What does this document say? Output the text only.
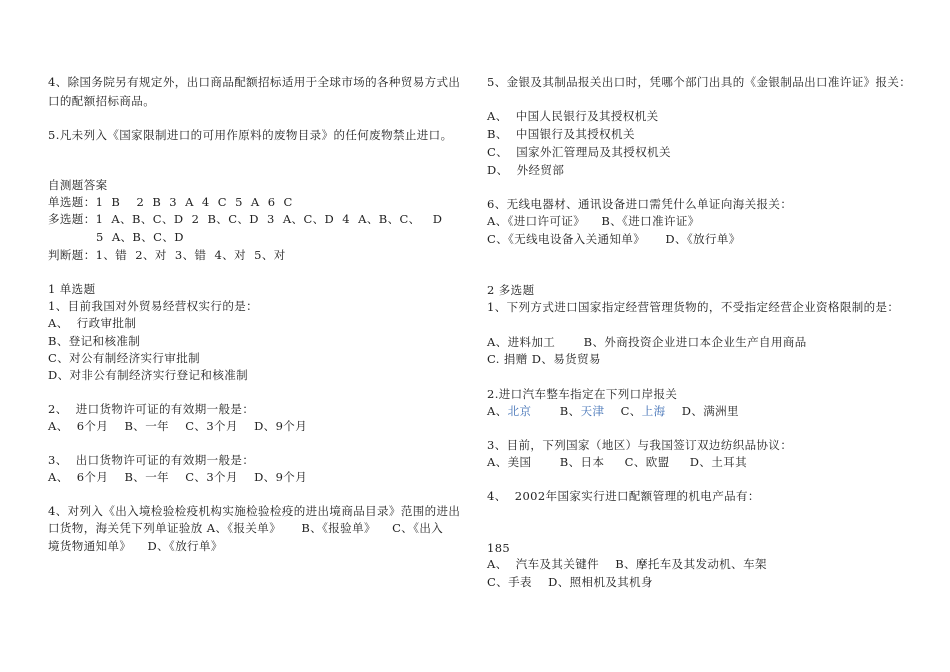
4、除国务院另有规定外，出口商品配额招标适用于全球市场的各种贸易方式出
口的配额招标商品。
5.凡未列入《国家限制进口的可用作原料的废物目录》的任何废物禁止进口。
自测题答案
单选题：1  B    2  B  3  A  4  C  5  A  6  C
多选题：1  A、B、C、D  2  B、C、D  3  A、C、D  4  A、B、C、   D
5  A、B、C、D
判断题：1、错  2、对  3、错  4、对  5、对
1 单选题
1、目前我国对外贸易经营权实行的是：
A、  行政审批制
B、登记和核准制
C、对公有制经济实行审批制
D、对非公有制经济实行登记和核准制
2、  进口货物许可证的有效期一般是：
A、  6个月    B、一年    C、3个月    D、9个月
3、  出口货物许可证的有效期一般是：
A、  6个月    B、一年    C、3个月    D、9个月
4、对列入《出入境检验检疫机构实施检验检疫的进出境商品目录》范围的进出
口货物，海关凭下列单证验放 A、《报关单》     B、《报验单》    C、《出入
境货物通知单》    D、《放行单》
5、金银及其制品报关出口时，凭哪个部门出具的《金银制品出口准许证》报关：
A、  中国人民银行及其授权机关
B、  中国银行及其授权机关
C、  国家外汇管理局及其授权机关
D、  外经贸部
6、无线电器材、通讯设备进口需凭什么单证向海关报关：
A、《进口许可证》    B、《进口准许证》
C、《无线电设备入关通知单》     D、《放行单》
2 多选题
1、下列方式进口国家指定经营管理货物的，不受指定经营企业资格限制的是：
A、进料加工       B、外商投资企业进口本企业生产自用商品
C. 捐赠 D、易货贸易
2.进口汽车整车指定在下列口岸报关
A、北京       B、天津    C、上海    D、满洲里
3、目前，下列国家（地区）与我国签订双边纺织品协议：
A、美国       B、日本     C、欧盟     D、土耳其
4、  2002年国家实行进口配额管理的机电产品有：
185
A、  汽车及其关键件    B、摩托车及其发动机、车架
C、手表    D、照相机及其机身
